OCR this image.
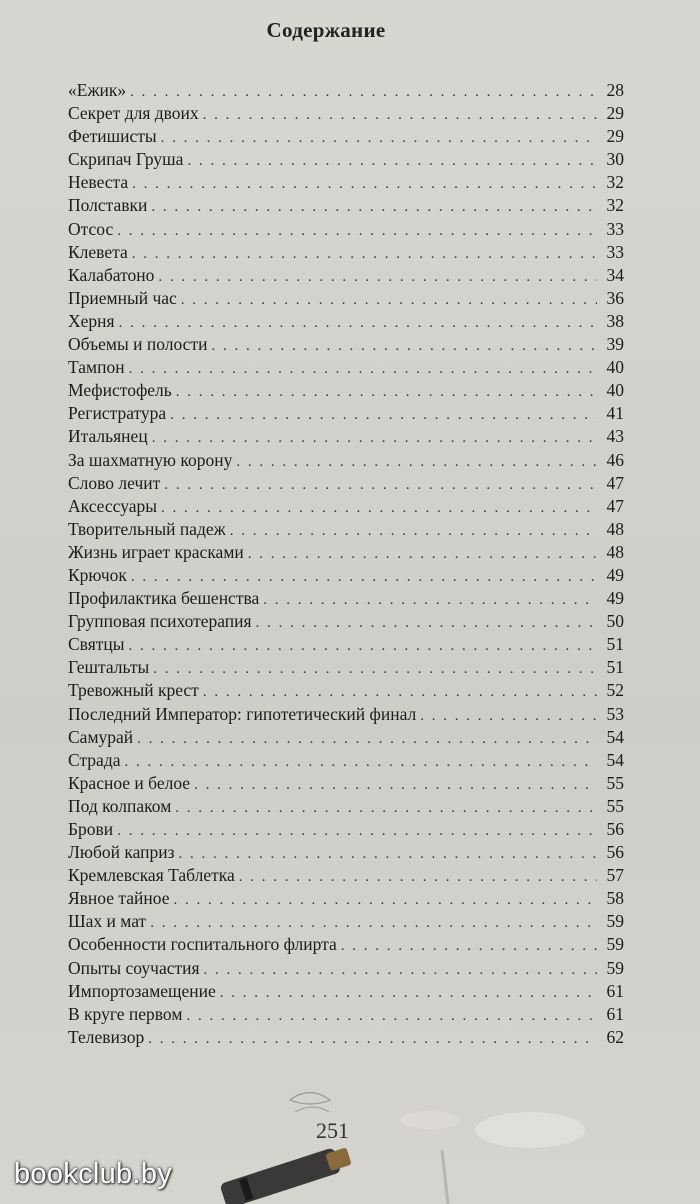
Содержание
«Ежик» . . .	28
Секрет для двоих . . .	29
Фетишисты . . .	29
Скрипач Груша . . .	30
Невеста . . .	32
Полставки . . .	32
Отсос . . .	33
Клевета . . .	33
Калабатоно . . .	34
Приемный час . . .	36
Херня . . .	38
Объемы и полости . . .	39
Тампон . . .	40
Мефистофель . . .	40
Регистратура . . .	41
Итальянец . . .	43
За шахматную корону . . .	46
Слово лечит . . .	47
Аксессуары . . .	47
Творительный падеж . . .	48
Жизнь играет красками . . .	48
Крючок . . .	49
Профилактика бешенства . . .	49
Групповая психотерапия . . .	50
Святцы . . .	51
Гештальты . . .	51
Тревожный крест . . .	52
Последний Император: гипотетический финал . . .	53
Самурай . . .	54
Страда . . .	54
Красное и белое . . .	55
Под колпаком . . .	55
Брови . . .	56
Любой каприз . . .	56
Кремлевская Таблетка . . .	57
Явное тайное . . .	58
Шах и мат . . .	59
Особенности госпитального флирта . . .	59
Опыты соучастия . . .	59
Импортозамещение . . .	61
В круге первом . . .	61
Телевизор . . .	62
251
bookclub.by
